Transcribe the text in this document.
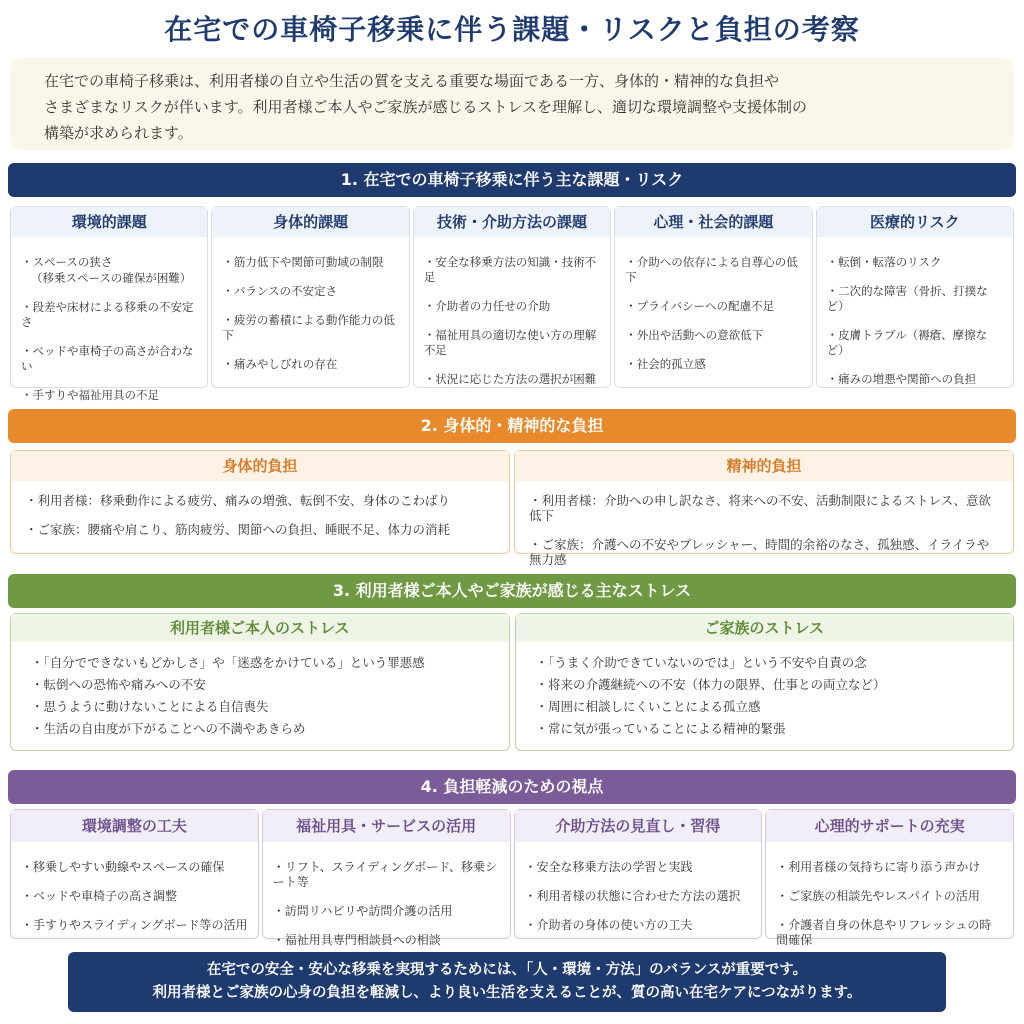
在宅での車椅子移乗に伴う課題・リスクと負担の考察
在宅での車椅子移乗は、利用者様の自立や生活の質を支える重要な場面である一方、身体的・精神的な負担や
さまざまなリスクが伴います。利用者様ご本人やご家族が感じるストレスを理解し、適切な環境調整や支援体制の
構築が求められます。
1. 在宅での車椅子移乗に伴う主な課題・リスク
環境的課題
・スペースの狭さ
（移乗スペースの確保が困難）
・段差や床材による移乗の不安定さ
・ベッドや車椅子の高さが合わない
・手すりや福祉用具の不足
身体的課題
・筋力低下や関節可動域の制限
・バランスの不安定さ
・疲労の蓄積による動作能力の低下
・痛みやしびれの存在
技術・介助方法の課題
・安全な移乗方法の知識・技術不足
・介助者の力任せの介助
・福祉用具の適切な使い方の理解不足
・状況に応じた方法の選択が困難
心理・社会的課題
・介助への依存による自尊心の低下
・プライバシーへの配慮不足
・外出や活動への意欲低下
・社会的孤立感
医療的リスク
・転倒・転落のリスク
・二次的な障害（骨折、打撲など）
・皮膚トラブル（褥瘡、摩擦など）
・痛みの増悪や関節への負担
2. 身体的・精神的な負担
身体的負担
・利用者様：移乗動作による疲労、痛みの増強、転倒不安、身体のこわばり
・ご家族：腰痛や肩こり、筋肉疲労、関節への負担、睡眠不足、体力の消耗
精神的負担
・利用者様：介助への申し訳なさ、将来への不安、活動制限によるストレス、意欲低下
・ご家族：介護への不安やプレッシャー、時間的余裕のなさ、孤独感、イライラや無力感
3. 利用者様ご本人やご家族が感じる主なストレス
利用者様ご本人のストレス
・「自分でできないもどかしさ」や「迷惑をかけている」という罪悪感
・転倒への恐怖や痛みへの不安
・思うように動けないことによる自信喪失
・生活の自由度が下がることへの不満やあきらめ
ご家族のストレス
・「うまく介助できていないのでは」という不安や自責の念
・将来の介護継続への不安（体力の限界、仕事との両立など）
・周囲に相談しにくいことによる孤立感
・常に気が張っていることによる精神的緊張
4. 負担軽減のための視点
環境調整の工夫
・移乗しやすい動線やスペースの確保
・ベッドや車椅子の高さ調整
・手すりやスライディングボード等の活用
福祉用具・サービスの活用
・リフト、スライディングボード、移乗シート等
・訪問リハビリや訪問介護の活用
・福祉用具専門相談員への相談
介助方法の見直し・習得
・安全な移乗方法の学習と実践
・利用者様の状態に合わせた方法の選択
・介助者の身体の使い方の工夫
心理的サポートの充実
・利用者様の気持ちに寄り添う声かけ
・ご家族の相談先やレスパイトの活用
・介護者自身の休息やリフレッシュの時間確保
在宅での安全・安心な移乗を実現するためには、「人・環境・方法」のバランスが重要です。
利用者様とご家族の心身の負担を軽減し、より良い生活を支えることが、質の高い在宅ケアにつながります。
